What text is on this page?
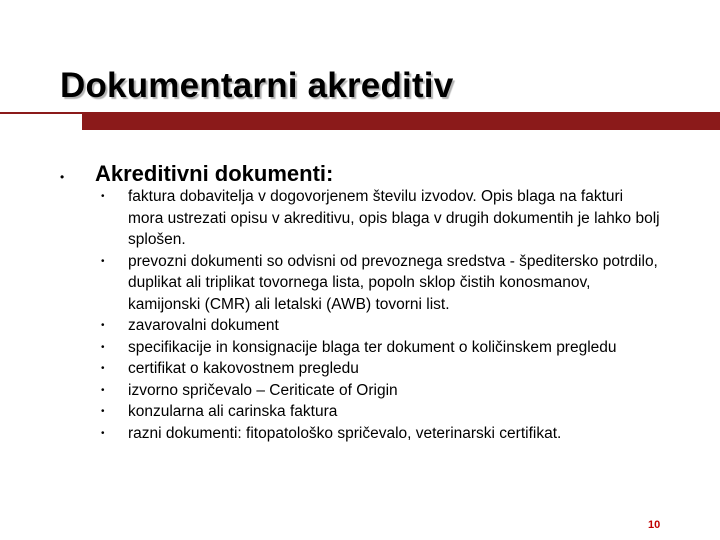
Dokumentarni akreditiv
• Akreditivni dokumenti:
• faktura dobavitelja v dogovorjenem številu izvodov. Opis blaga na fakturi mora ustrezati opisu v akreditivu, opis blaga v drugih dokumentih je lahko bolj splošen.
• prevozni dokumenti so odvisni od prevoznega sredstva - špeditersko potrdilo, duplikat ali triplikat tovornega lista, popoln sklop čistih konosmanov, kamijonski (CMR) ali letalski (AWB) tovorni list.
• zavarovalni dokument
• specifikacije in konsignacije blaga ter dokument o količinskem pregledu
• certifikat o kakovostnem pregledu
• izvorno spričevalo – Ceriticate of Origin
• konzularna ali carinska faktura
• razni dokumenti: fitopatološko spričevalo, veterinarski certifikat.
10
